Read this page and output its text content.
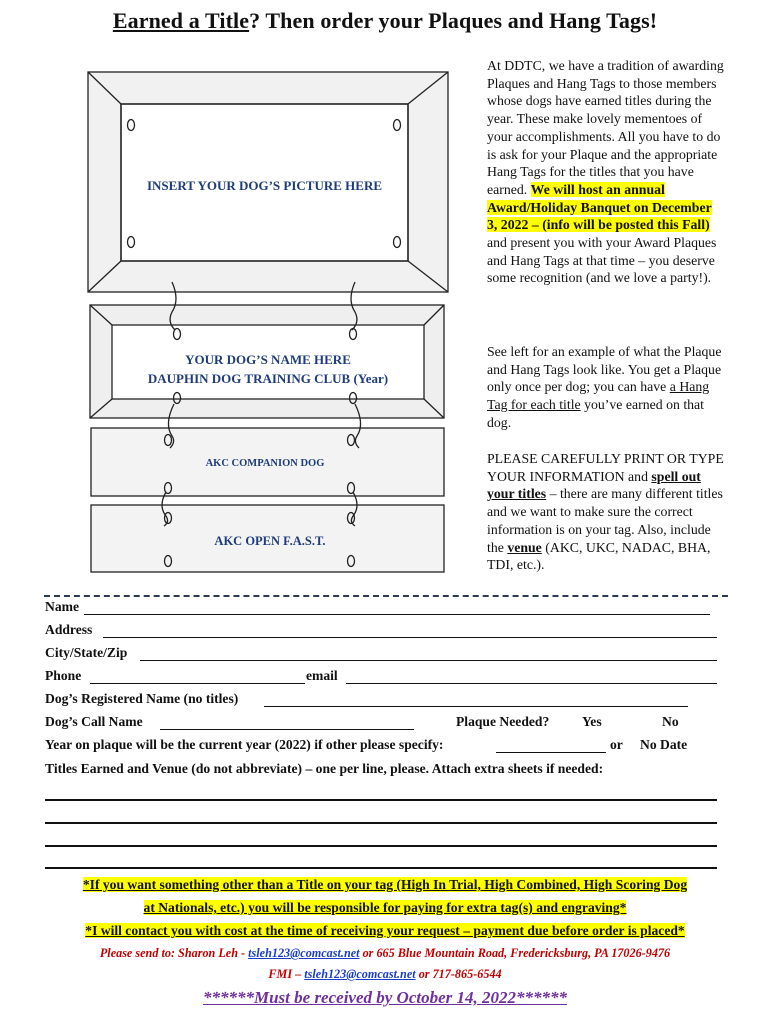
Earned a Title? Then order your Plaques and Hang Tags!
INSERT YOUR DOG’S PICTURE HERE
YOUR DOG’S NAME HERE
DAUPHIN DOG TRAINING CLUB (Year)
AKC COMPANION DOG
AKC OPEN F.A.S.T.
At DDTC, we have a tradition of awarding Plaques and Hang Tags to those members whose dogs have earned titles during the year. These make lovely mementoes of your accomplishments. All you have to do is ask for your Plaque and the appropriate Hang Tags for the titles that you have earned. We will host an annual Award/Holiday Banquet on December 3, 2022 – (info will be posted this Fall) and present you with your Award Plaques and Hang Tags at that time – you deserve some recognition (and we love a party!).
See left for an example of what the Plaque and Hang Tags look like. You get a Plaque only once per dog; you can have a Hang Tag for each title you’ve earned on that dog.
PLEASE CAREFULLY PRINT OR TYPE YOUR INFORMATION and spell out your titles – there are many different titles and we want to make sure the correct information is on your tag. Also, include the venue (AKC, UKC, NADAC, BHA, TDI, etc.).
Name
Address
City/State/Zip
Phone	email
Dog’s Registered Name (no titles)
Dog’s Call Name	Plaque Needed? Yes	No
Year on plaque will be the current year (2022) if other please specify:	or No Date
Titles Earned and Venue (do not abbreviate) – one per line, please. Attach extra sheets if needed:
*If you want something other than a Title on your tag (High In Trial, High Combined, High Scoring Dog
at Nationals, etc.) you will be responsible for paying for extra tag(s) and engraving*
*I will contact you with cost at the time of receiving your request – payment due before order is placed*
Please send to: Sharon Leh - tsleh123@comcast.net or 665 Blue Mountain Road, Fredericksburg, PA 17026-9476
FMI – tsleh123@comcast.net or 717-865-6544
******Must be received by October 14, 2022******
